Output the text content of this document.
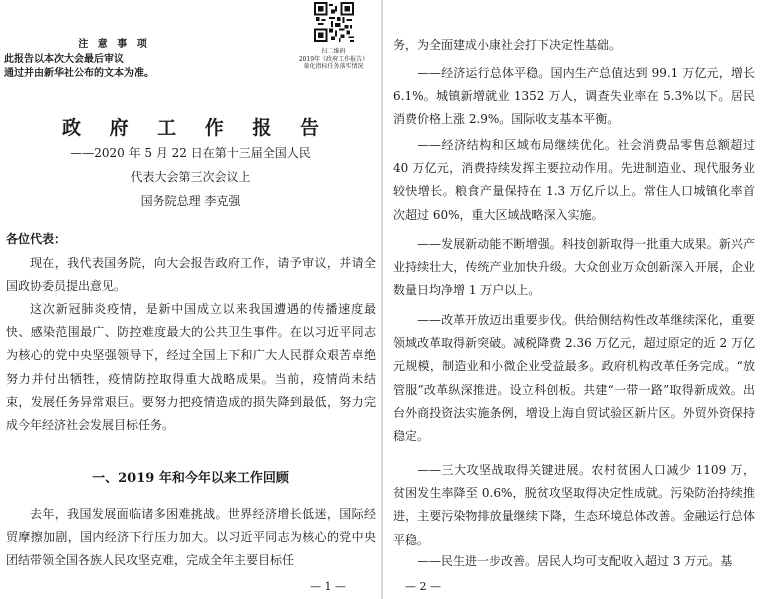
注 意 事 项
此报告以本次大会最后审议
通过并由新华社公布的文本为准。
扫二维码
2019年《政府工作报告》
量化指标任务落实情况
政 府 工 作 报 告
——2020 年 5 月 22 日在第十三届全国人民
代表大会第三次会议上
国务院总理 李克强
各位代表：
现在，我代表国务院，向大会报告政府工作，请予审议，并请全国政协委员提出意见。
这次新冠肺炎疫情，是新中国成立以来我国遭遇的传播速度最快、感染范围最广、防控难度最大的公共卫生事件。在以习近平同志为核心的党中央坚强领导下，经过全国上下和广大人民群众艰苦卓绝努力并付出牺牲，疫情防控取得重大战略成果。当前，疫情尚未结束，发展任务异常艰巨。要努力把疫情造成的损失降到最低，努力完成今年经济社会发展目标任务。
一、2019 年和今年以来工作回顾
去年，我国发展面临诸多困难挑战。世界经济增长低迷，国际经贸摩擦加剧，国内经济下行压力加大。以习近平同志为核心的党中央团结带领全国各族人民攻坚克难，完成全年主要目标任
— 1 —
务，为全面建成小康社会打下决定性基础。
——经济运行总体平稳。国内生产总值达到 99.1 万亿元，增长 6.1%。城镇新增就业 1352 万人，调查失业率在 5.3%以下。居民消费价格上涨 2.9%。国际收支基本平衡。
——经济结构和区域布局继续优化。社会消费品零售总额超过 40 万亿元，消费持续发挥主要拉动作用。先进制造业、现代服务业较快增长。粮食产量保持在 1.3 万亿斤以上。常住人口城镇化率首次超过 60%，重大区域战略深入实施。
——发展新动能不断增强。科技创新取得一批重大成果。新兴产业持续壮大，传统产业加快升级。大众创业万众创新深入开展，企业数量日均净增 1 万户以上。
——改革开放迈出重要步伐。供给侧结构性改革继续深化，重要领域改革取得新突破。减税降费 2.36 万亿元，超过原定的近 2 万亿元规模，制造业和小微企业受益最多。政府机构改革任务完成。“放管服”改革纵深推进。设立科创板。共建“一带一路”取得新成效。出台外商投资法实施条例，增设上海自贸试验区新片区。外贸外资保持稳定。
——三大攻坚战取得关键进展。农村贫困人口减少 1109 万，贫困发生率降至 0.6%，脱贫攻坚取得决定性成就。污染防治持续推进，主要污染物排放量继续下降，生态环境总体改善。金融运行总体平稳。
——民生进一步改善。居民人均可支配收入超过 3 万元。基
— 2 —
